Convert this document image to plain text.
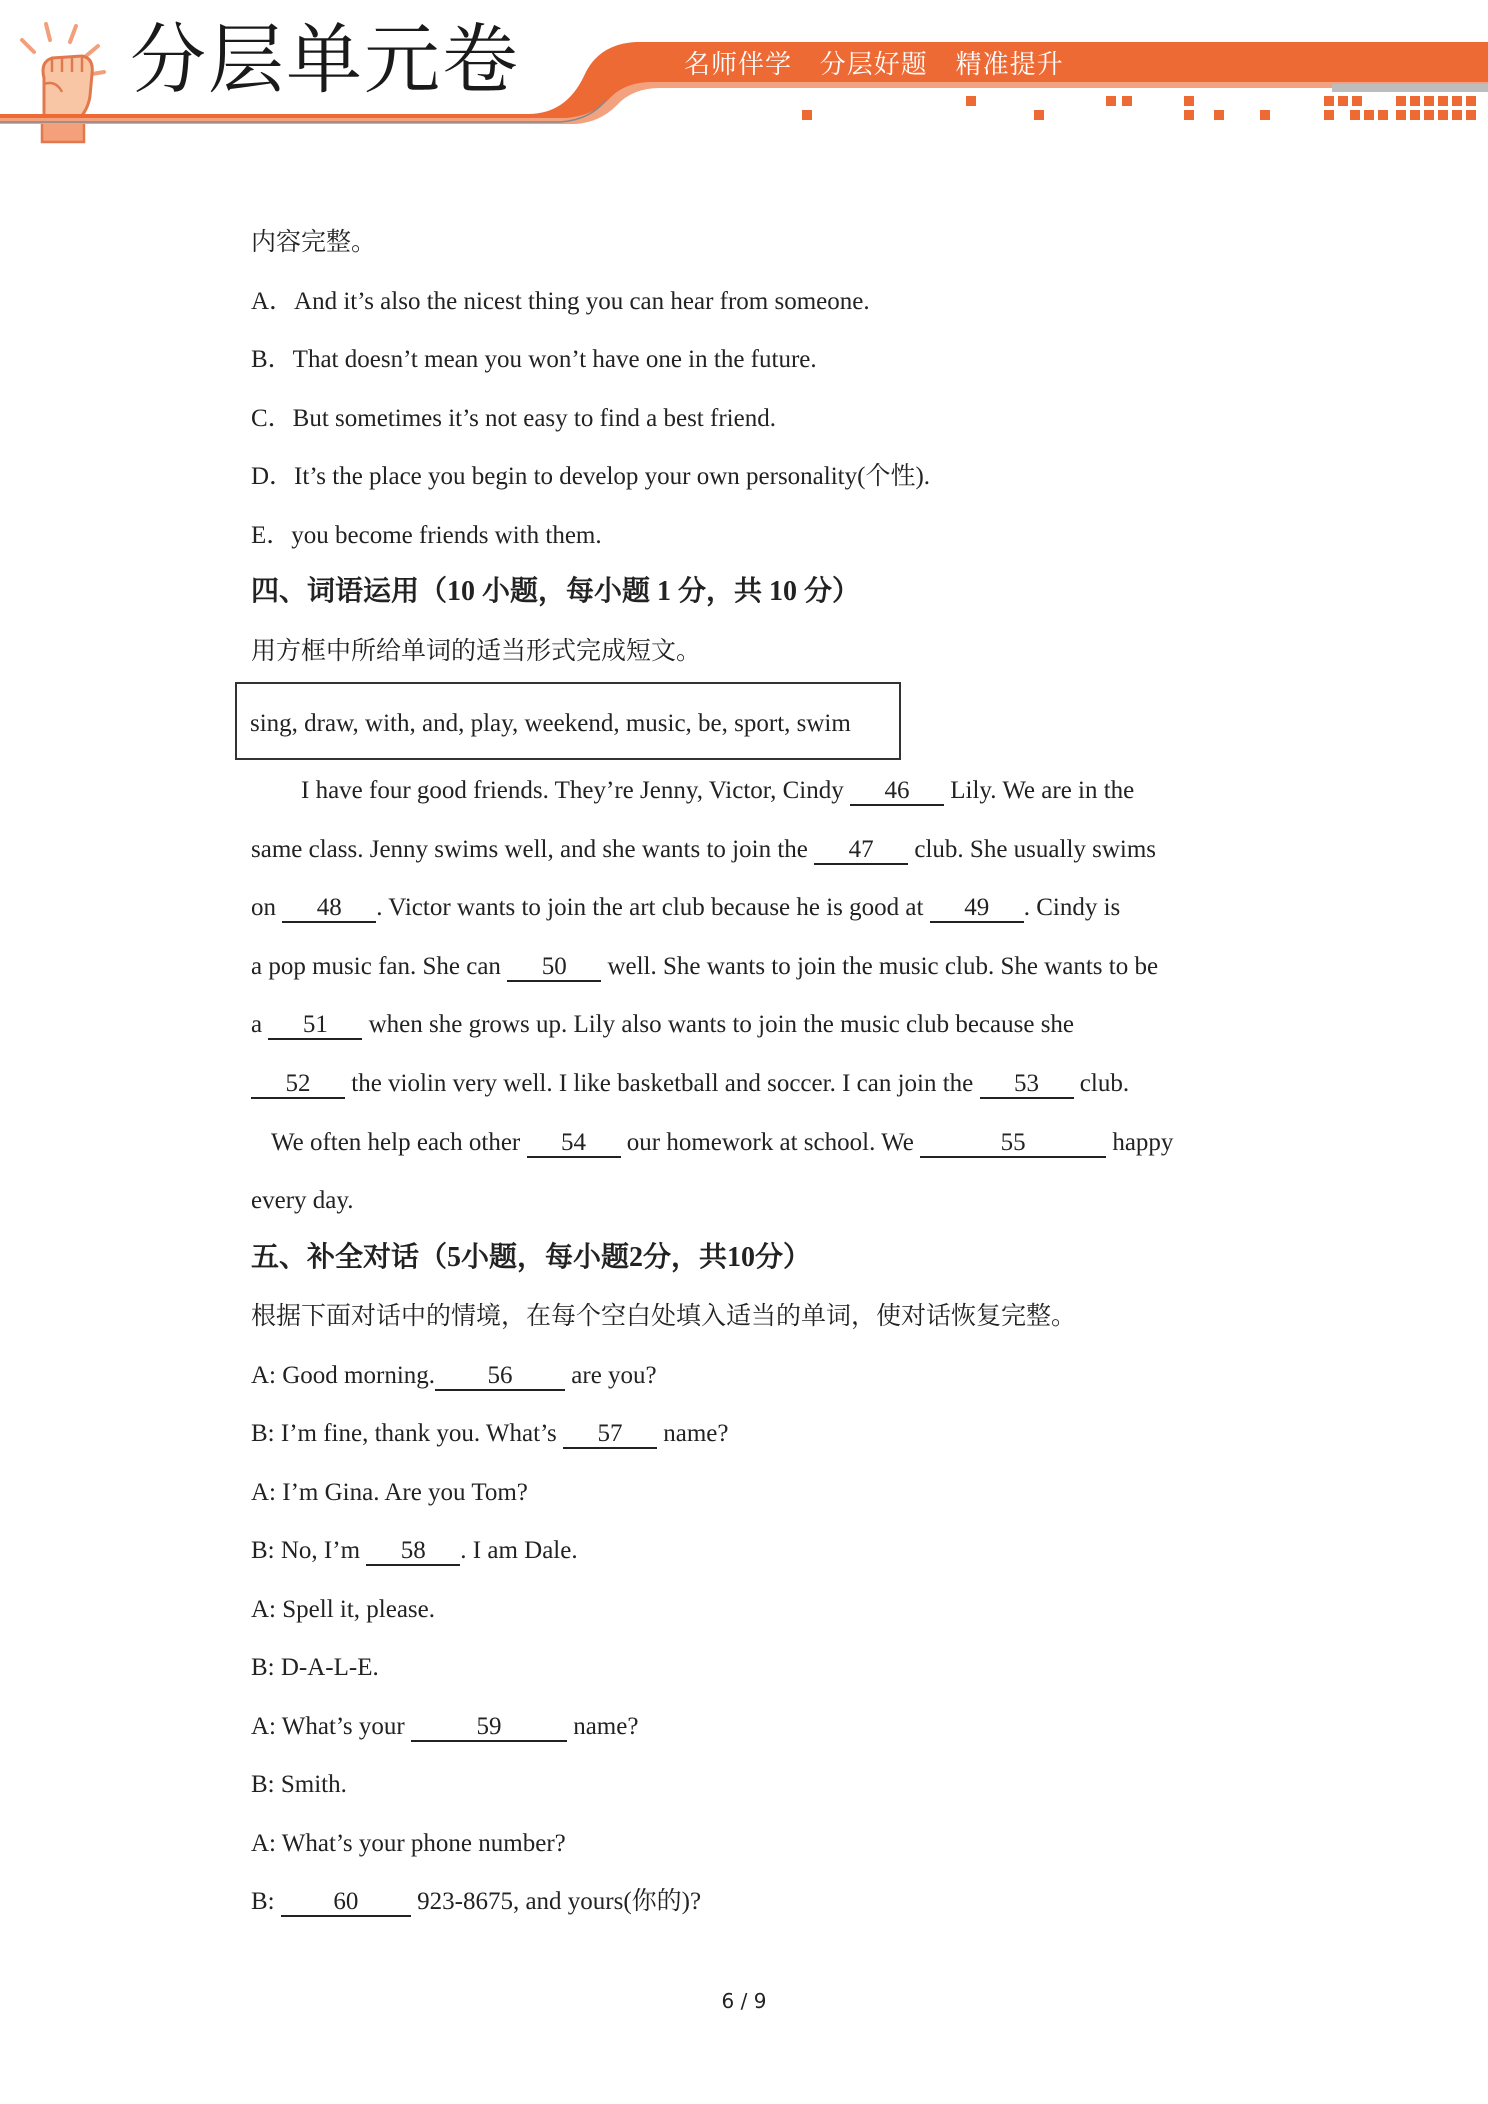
分层单元卷	名师伴学   分层好题   精准提升
内容完整。
A．And it’s also the nicest thing you can hear from someone.
B．That doesn’t mean you won’t have one in the future.
C．But sometimes it’s not easy to find a best friend.
D．It’s the place you begin to develop your own personality(个性).
E．you become friends with them.
四、词语运用（10 小题，每小题 1 分，共 10 分）
用方框中所给单词的适当形式完成短文。
sing, draw, with, and, play, weekend, music, be, sport, swim
I have four good friends. They’re Jenny, Victor, Cindy 46 Lily. We are in the
same class. Jenny swims well, and she wants to join the 47 club. She usually swims
on 48 . Victor wants to join the art club because he is good at 49 . Cindy is
a pop music fan. She can 50 well. She wants to join the music club. She wants to be
a 51 when she grows up. Lily also wants to join the music club because she
52 the violin very well. I like basketball and soccer. I can join the 53 club.
We often help each other 54 our homework at school. We	55	happy
every day.
五、补全对话（5小题，每小题2分，共10分）
根据下面对话中的情境，在每个空白处填入适当的单词，使对话恢复完整。
A: Good morning. 56 are you?
B: I’m fine, thank you. What’s 57 name?
A: I’m Gina. Are you Tom?
B: No, I’m 58 . I am Dale.
A: Spell it, please.
B: D-A-L-E.
A: What’s your	59	name?
B: Smith.
A: What’s your phone number?
B: 60 923-8675, and yours(你的)?
6 / 9
